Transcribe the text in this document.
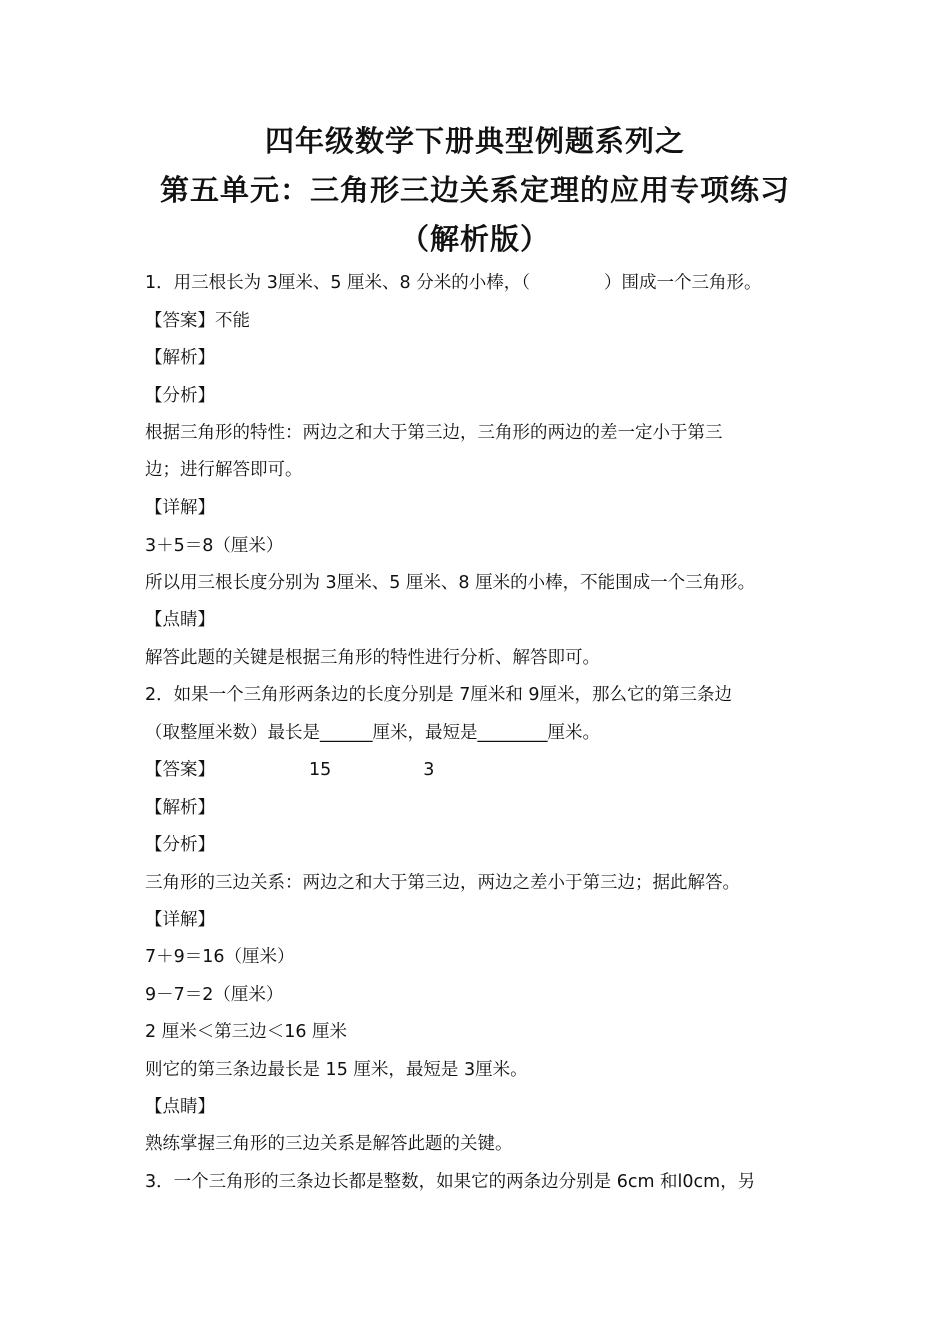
四年级数学下册典型例题系列之
第五单元：三角形三边关系定理的应用专项练习
（解析版）
1．用三根长为 3厘米、5 厘米、8 分米的小棒，（	）围成一个三角形。
【答案】不能
【解析】
【分析】
根据三角形的特性：两边之和大于第三边，三角形的两边的差一定小于第三
边；进行解答即可。
【详解】
3＋5＝8（厘米）
所以用三根长度分别为 3厘米、5 厘米、8 厘米的小棒，不能围成一个三角形。
【点睛】
解答此题的关键是根据三角形的特性进行分析、解答即可。
2．如果一个三角形两条边的长度分别是 7厘米和 9厘米，那么它的第三条边
（取整厘米数）最长是______厘米，最短是________厘米。
【答案】	15	3
【解析】
【分析】
三角形的三边关系：两边之和大于第三边，两边之差小于第三边；据此解答。
【详解】
7＋9＝16（厘米）
9－7＝2（厘米）
2 厘米＜第三边＜16 厘米
则它的第三条边最长是 15 厘米，最短是 3厘米。
【点睛】
熟练掌握三角形的三边关系是解答此题的关键。
3．一个三角形的三条边长都是整数，如果它的两条边分别是 6cm 和l0cm，另
